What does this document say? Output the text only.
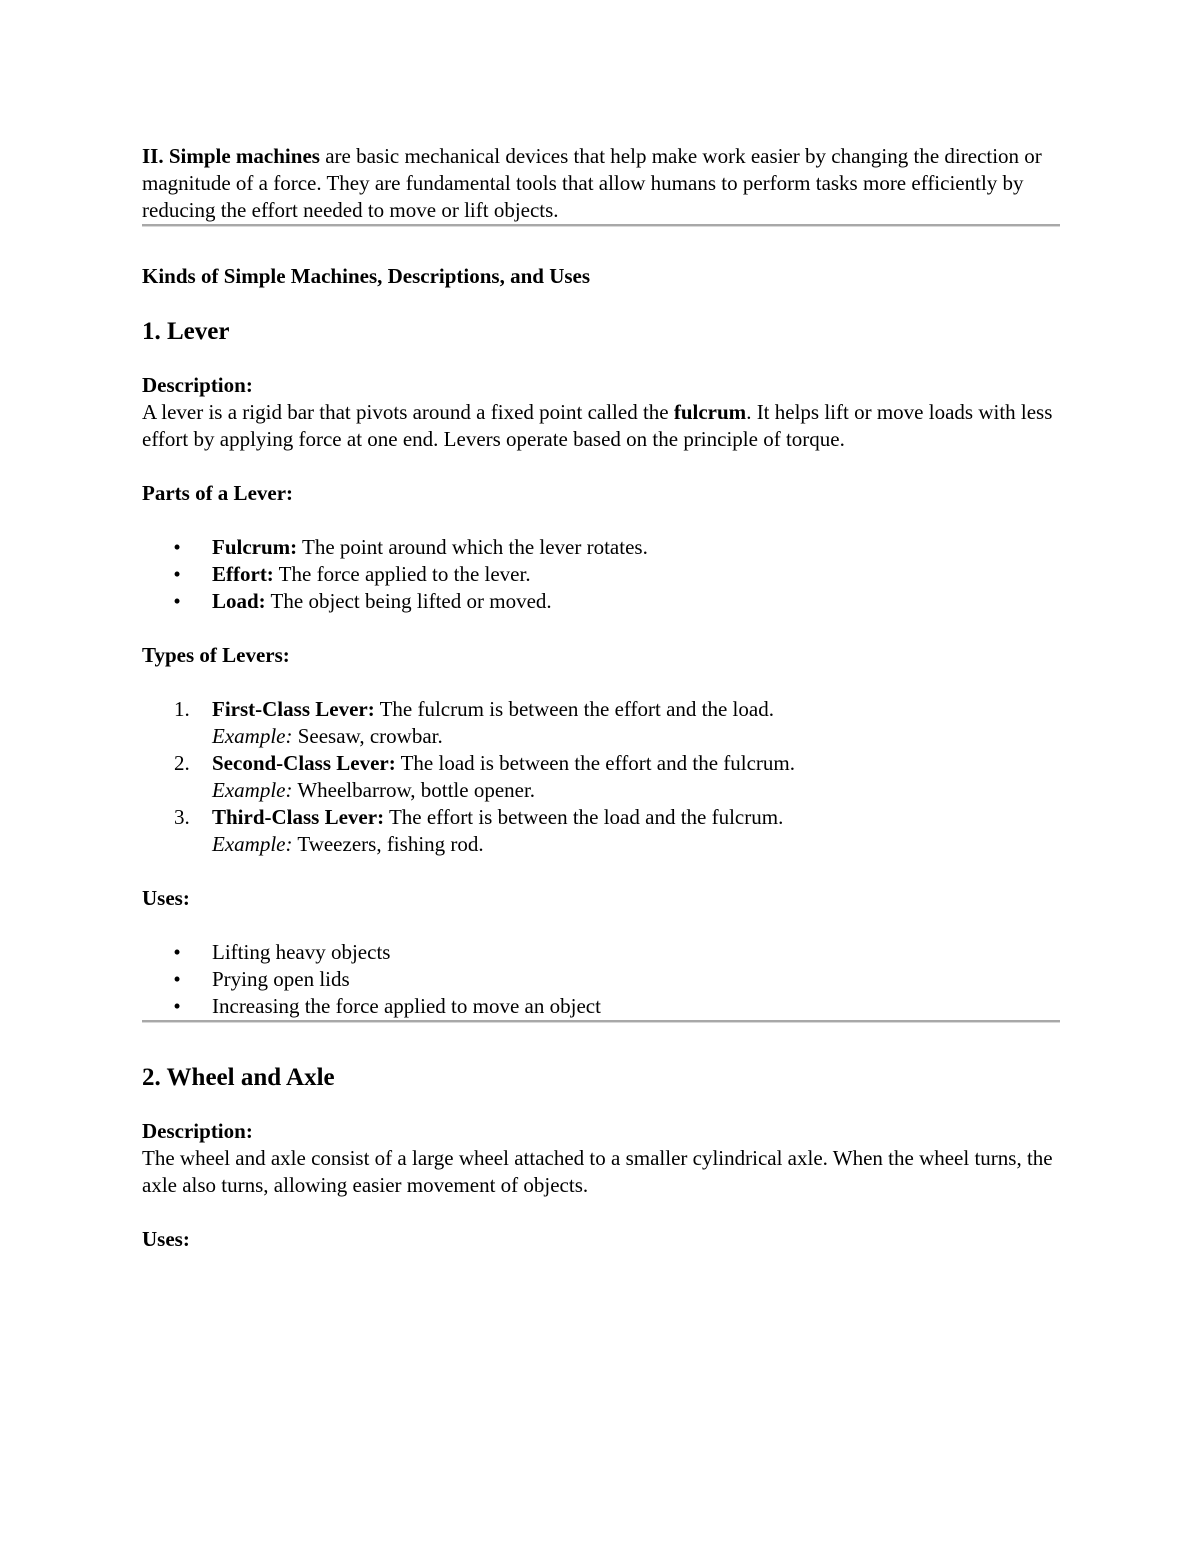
II. Simple machines are basic mechanical devices that help make work easier by changing the direction or magnitude of a force. They are fundamental tools that allow humans to perform tasks more efficiently by reducing the effort needed to move or lift objects.

Kinds of Simple Machines, Descriptions, and Uses

1. Lever

Description:

A lever is a rigid bar that pivots around a fixed point called the fulcrum. It helps lift or move loads with less effort by applying force at one end. Levers operate based on the principle of torque.

Parts of a Lever:

• Fulcrum: The point around which the lever rotates.
• Effort: The force applied to the lever.
• Load: The object being lifted or moved.

Types of Levers:

1. First-Class Lever: The fulcrum is between the effort and the load.
Example: Seesaw, crowbar.
2. Second-Class Lever: The load is between the effort and the fulcrum.
Example: Wheelbarrow, bottle opener.
3. Third-Class Lever: The effort is between the load and the fulcrum.
Example: Tweezers, fishing rod.

Uses:

• Lifting heavy objects
• Prying open lids
• Increasing the force applied to move an object
2. Wheel and Axle

Description:

The wheel and axle consist of a large wheel attached to a smaller cylindrical axle. When the wheel turns, the axle also turns, allowing easier movement of objects.

Uses:
